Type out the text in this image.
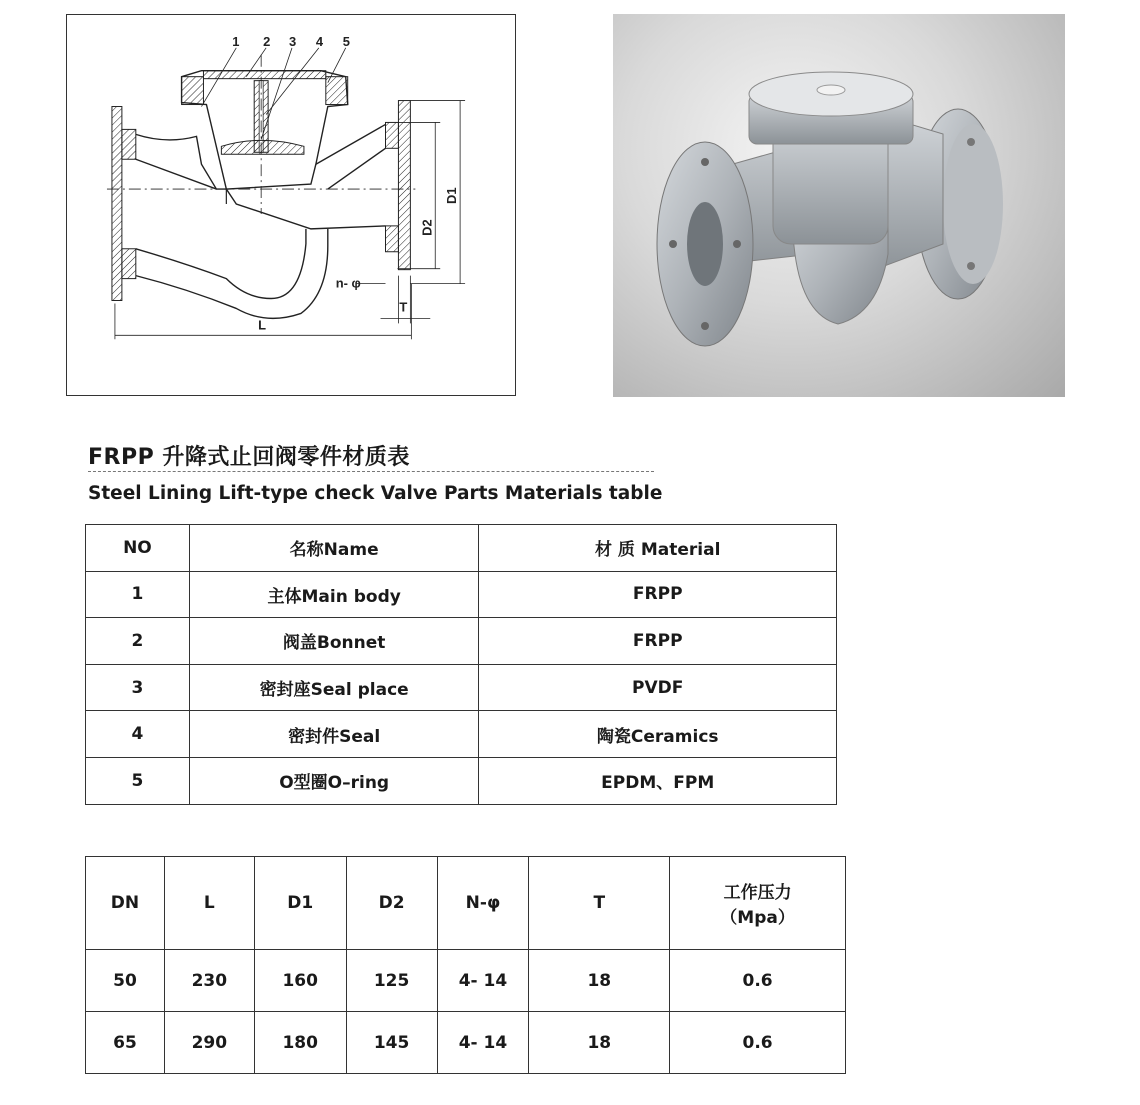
1 2 3 4 5
D1
D2
L
T
n- φ
FRPP 升降式止回阀零件材质表
Steel Lining Lift-type check Valve Parts Materials table
NO	名称Name	材 质 Material
1	主体Main body	FRPP
2	阀盖Bonnet	FRPP
3	密封座Seal place	PVDF
4	密封件Seal	陶瓷Ceramics
5	O型圈O–ring	EPDM、FPM
DN	L	D1	D2	N-φ	T	工作压力
（Mpa）

50	230	160	125	4- 14	18	0.6
65	290	180	145	4- 14	18	0.6
